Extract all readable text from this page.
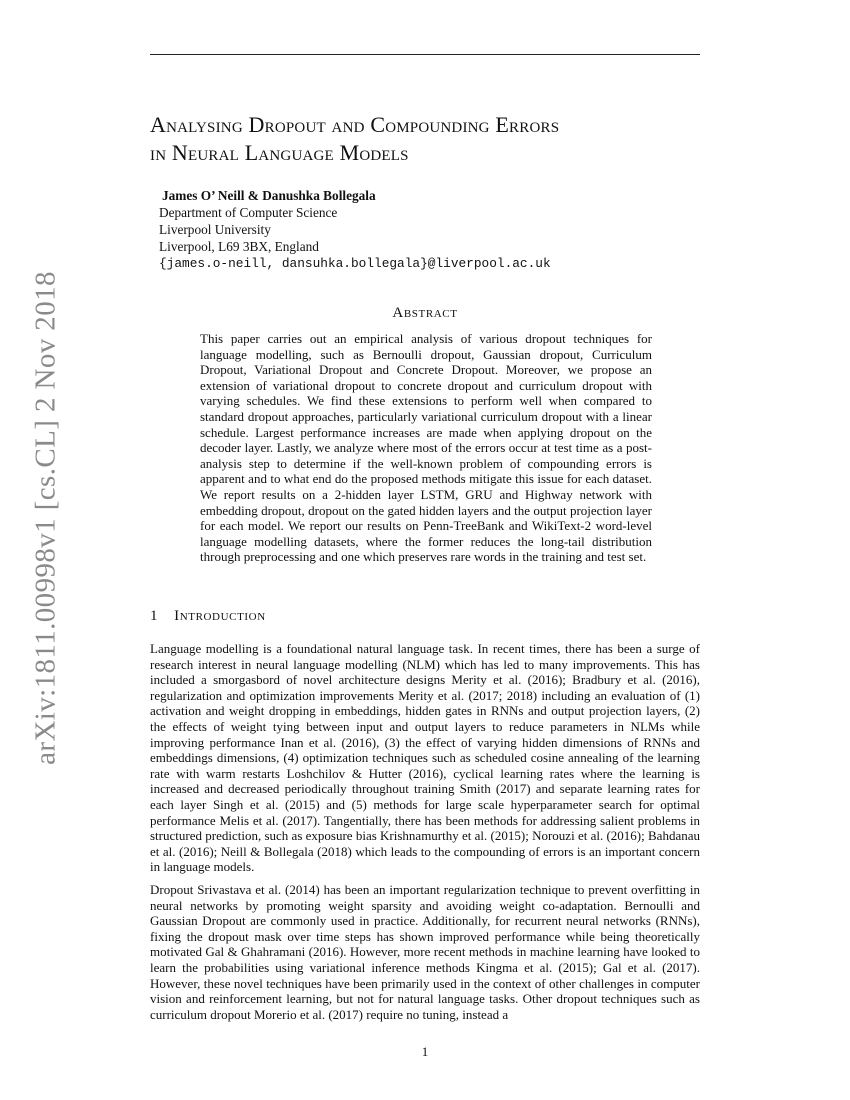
arXiv:1811.00998v1 [cs.CL] 2 Nov 2018
Analysing Dropout and Compounding Errors
in Neural Language Models
James O’ Neill & Danushka Bollegala
Department of Computer Science
Liverpool University
Liverpool, L69 3BX, England
{james.o-neill, dansuhka.bollegala}@liverpool.ac.uk
Abstract
This paper carries out an empirical analysis of various dropout techniques for language modelling, such as Bernoulli dropout, Gaussian dropout, Curriculum Dropout, Variational Dropout and Concrete Dropout. Moreover, we propose an extension of variational dropout to concrete dropout and curriculum dropout with varying schedules. We find these extensions to perform well when compared to standard dropout approaches, particularly variational curriculum dropout with a linear schedule. Largest performance increases are made when applying dropout on the decoder layer. Lastly, we analyze where most of the errors occur at test time as a post-analysis step to determine if the well-known problem of compounding errors is apparent and to what end do the proposed methods mitigate this issue for each dataset. We report results on a 2-hidden layer LSTM, GRU and Highway network with embedding dropout, dropout on the gated hidden layers and the output projection layer for each model. We report our results on Penn-TreeBank and WikiText-2 word-level language modelling datasets, where the former reduces the long-tail distribution through preprocessing and one which preserves rare words in the training and test set.
1 Introduction
Language modelling is a foundational natural language task. In recent times, there has been a surge of research interest in neural language modelling (NLM) which has led to many improvements. This has included a smorgasbord of novel architecture designs Merity et al. (2016); Bradbury et al. (2016), regularization and optimization improvements Merity et al. (2017; 2018) including an evaluation of (1) activation and weight dropping in embeddings, hidden gates in RNNs and output projection layers, (2) the effects of weight tying between input and output layers to reduce parameters in NLMs while improving performance Inan et al. (2016), (3) the effect of varying hidden dimensions of RNNs and embeddings dimensions, (4) optimization techniques such as scheduled cosine annealing of the learning rate with warm restarts Loshchilov & Hutter (2016), cyclical learning rates where the learning is increased and decreased periodically throughout training Smith (2017) and separate learning rates for each layer Singh et al. (2015) and (5) methods for large scale hyperparameter search for optimal performance Melis et al. (2017). Tangentially, there has been methods for addressing salient problems in structured prediction, such as exposure bias Krishnamurthy et al. (2015); Norouzi et al. (2016); Bahdanau et al. (2016); Neill & Bollegala (2018) which leads to the compounding of errors is an important concern in language models.
Dropout Srivastava et al. (2014) has been an important regularization technique to prevent overfitting in neural networks by promoting weight sparsity and avoiding weight co-adaptation. Bernoulli and Gaussian Dropout are commonly used in practice. Additionally, for recurrent neural networks (RNNs), fixing the dropout mask over time steps has shown improved performance while being theoretically motivated Gal & Ghahramani (2016). However, more recent methods in machine learning have looked to learn the probabilities using variational inference methods Kingma et al. (2015); Gal et al. (2017). However, these novel techniques have been primarily used in the context of other challenges in computer vision and reinforcement learning, but not for natural language tasks. Other dropout techniques such as curriculum dropout Morerio et al. (2017) require no tuning, instead a
1
